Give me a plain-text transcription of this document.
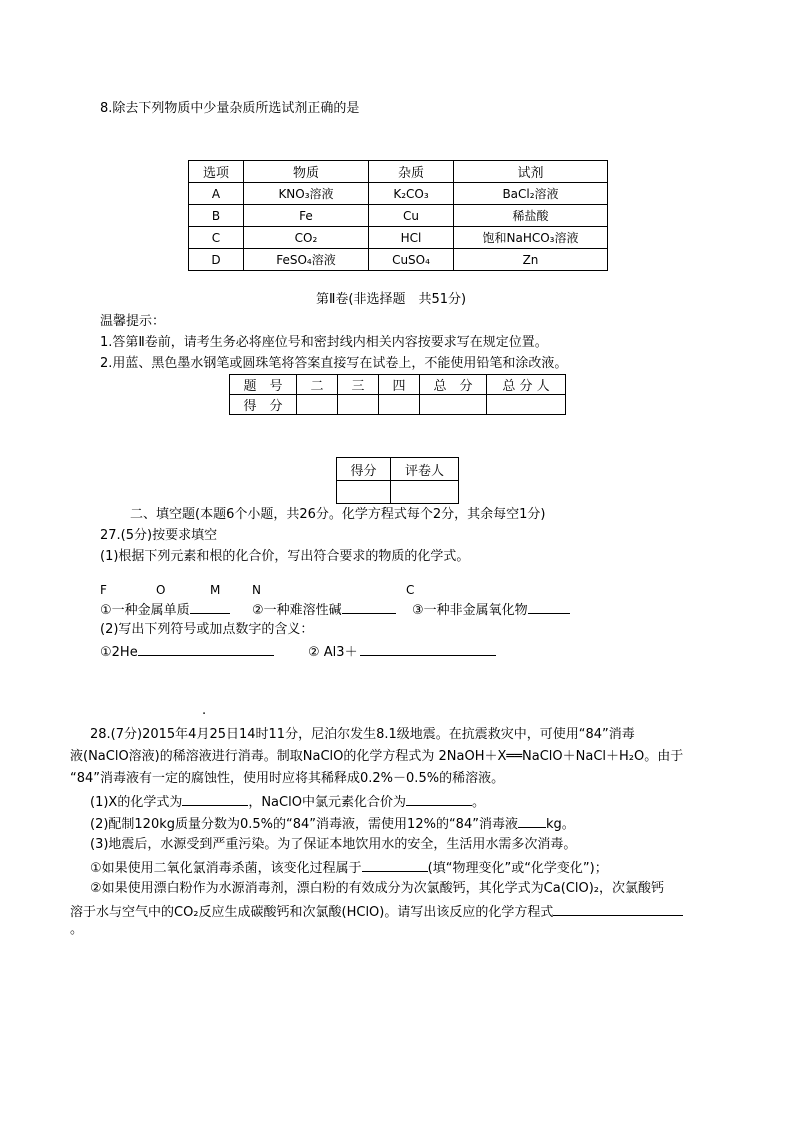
8.除去下列物质中少量杂质所选试剂正确的是
选项	物质	杂质	试剂
A	KNO₃溶液	K₂CO₃	BaCl₂溶液
B	Fe	Cu	稀盐酸
C	CO₂	HCl	饱和NaHCO₃溶液
D	FeSO₄溶液	CuSO₄	Zn
第Ⅱ卷(非选择题　共51分)
温馨提示：
1.答第Ⅱ卷前，请考生务必将座位号和密封线内相关内容按要求写在规定位置。
2.用蓝、黑色墨水钢笔或圆珠笔将答案直接写在试卷上，不能使用铅笔和涂改液。
题　号	二	三	四	总　分	总 分 人
得　分					
得分	评卷人

二、填空题(本题6个小题，共26分。化学方程式每个2分，其余每空1分)
27.(5分)按要求填空
(1)根据下列元素和根的化合价，写出符合要求的物质的化学式。
F	O	M	N	C
①一种金属单质	②一种难溶性碱	③一种非金属氧化物
(2)写出下列符号或加点数字的含义：
①2He	② Al3＋
.
28.(7分)2015年4月25日14时11分，尼泊尔发生8.1级地震。在抗震救灾中，可使用“84”消毒
液(NaClO溶液)的稀溶液进行消毒。制取NaClO的化学方程式为 2NaOH＋X══NaClO＋NaCl＋H₂O。由于
“84”消毒液有一定的腐蚀性，使用时应将其稀释成0.2%－0.5%的稀溶液。
(1)X的化学式为	，NaClO中氯元素化合价为	。
(2)配制120kg质量分数为0.5%的“84”消毒液，需使用12%的“84”消毒液 kg。
(3)地震后，水源受到严重污染。为了保证本地饮用水的安全，生活用水需多次消毒。
①如果使用二氧化氯消毒杀菌，该变化过程属于	(填“物理变化”或“化学变化”)；
②如果使用漂白粉作为水源消毒剂，漂白粉的有效成分为次氯酸钙，其化学式为Ca(ClO)₂，次氯酸钙
溶于水与空气中的CO₂反应生成碳酸钙和次氯酸(HClO)。请写出该反应的化学方程式
。
